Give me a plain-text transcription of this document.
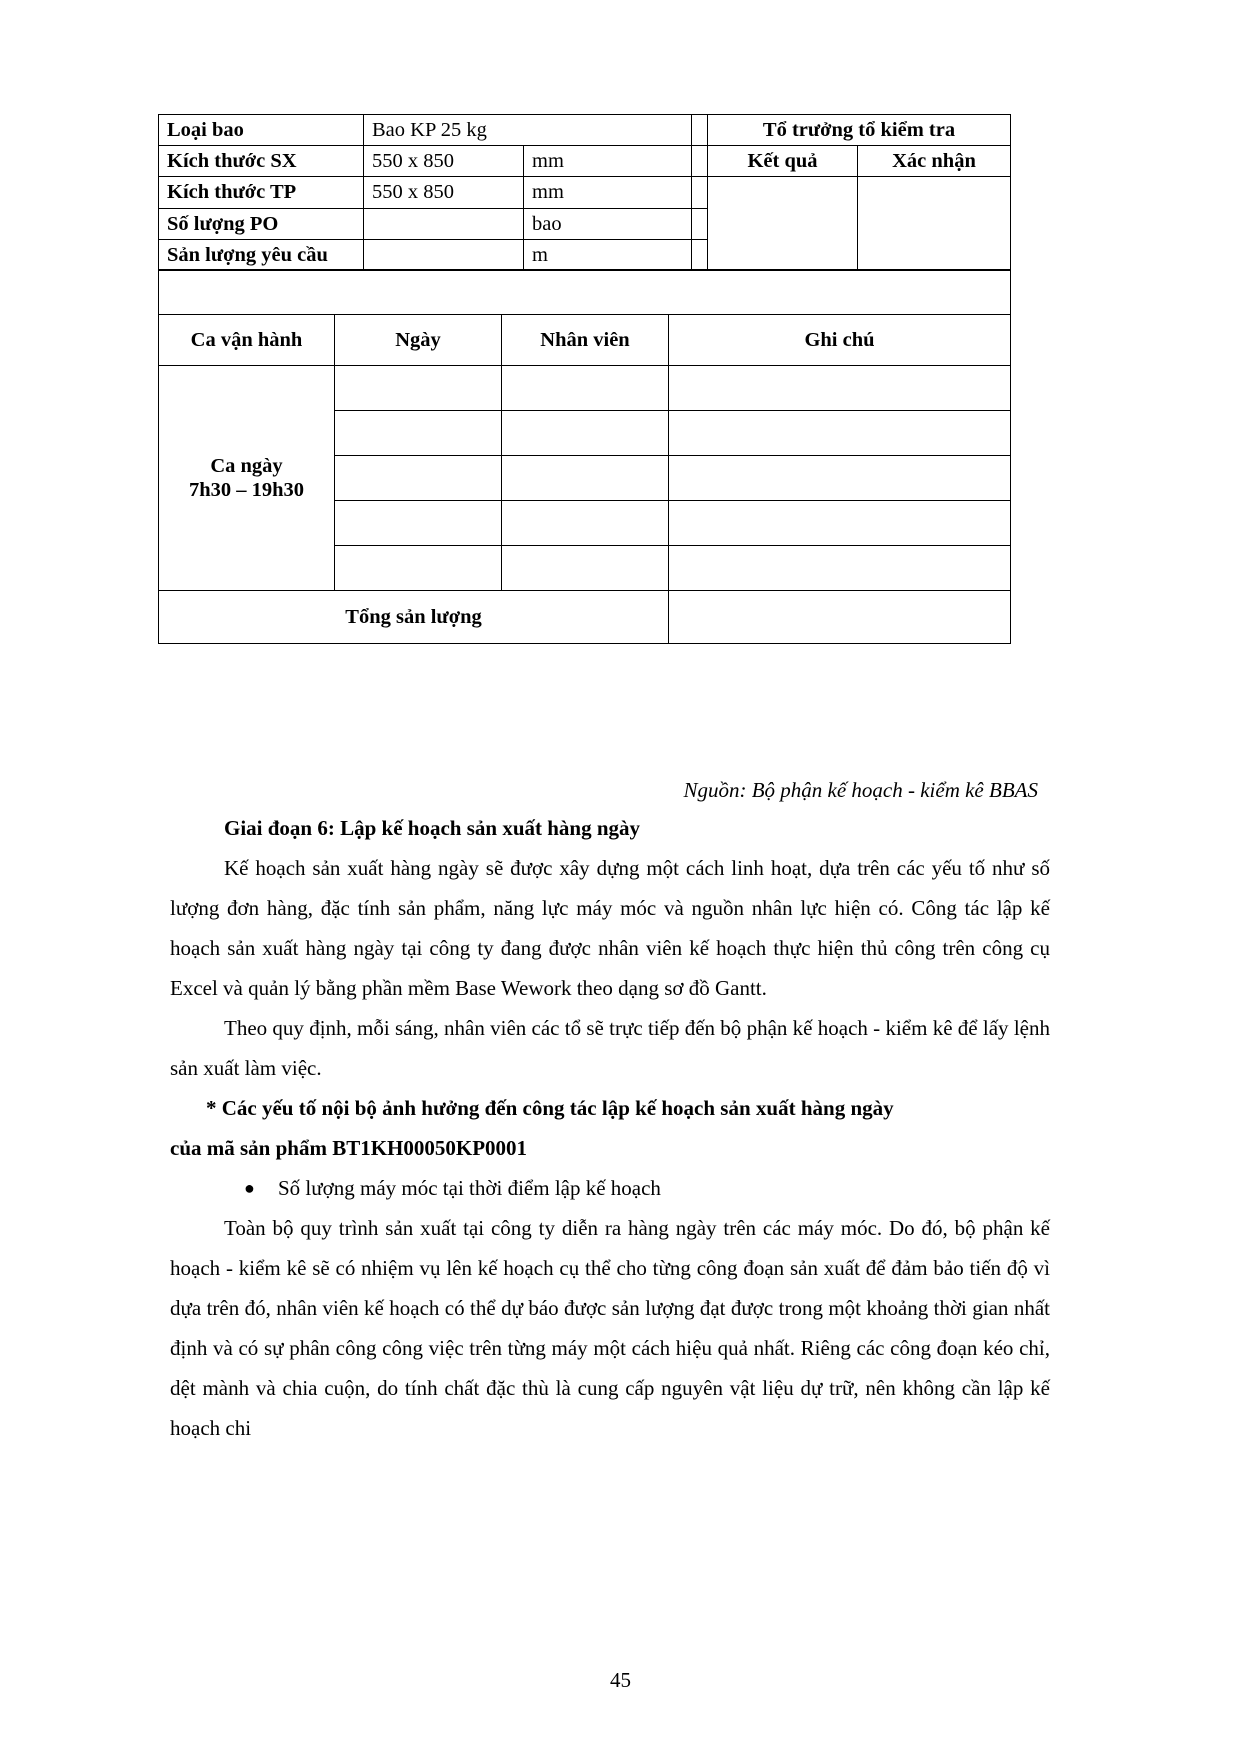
Loại bao	Bao KP 25 kg			Tổ trưởng tổ kiểm tra	
Kích thước SX	550 x 850	mm		Kết quả	Xác nhận
Kích thước TP	550 x 850	mm			
Số lượng PO		bao			
Sản lượng yêu cầu		m			
Ca vận hành	Ngày	Nhân viên	Ghi chú

Ca ngày
7h30 – 19h30			

Tổng sản lượng			
Nguồn: Bộ phận kế hoạch - kiểm kê BBAS

Giai đoạn 6: Lập kế hoạch sản xuất hàng ngày

Kế hoạch sản xuất hàng ngày sẽ được xây dựng một cách linh hoạt, dựa trên các yếu tố như số lượng đơn hàng, đặc tính sản phẩm, năng lực máy móc và nguồn nhân lực hiện có. Công tác lập kế hoạch sản xuất hàng ngày tại công ty đang được nhân viên kế hoạch thực hiện thủ công trên công cụ Excel và quản lý bằng phần mềm Base Wework theo dạng sơ đồ Gantt.

Theo quy định, mỗi sáng, nhân viên các tổ sẽ trực tiếp đến bộ phận kế hoạch - kiểm kê để lấy lệnh sản xuất làm việc.

* Các yếu tố nội bộ ảnh hưởng đến công tác lập kế hoạch sản xuất hàng ngày

của mã sản phẩm BT1KH00050KP0001

● Số lượng máy móc tại thời điểm lập kế hoạch

Toàn bộ quy trình sản xuất tại công ty diễn ra hàng ngày trên các máy móc. Do đó, bộ phận kế hoạch - kiểm kê sẽ có nhiệm vụ lên kế hoạch cụ thể cho từng công đoạn sản xuất để đảm bảo tiến độ vì dựa trên đó, nhân viên kế hoạch có thể dự báo được sản lượng đạt được trong một khoảng thời gian nhất định và có sự phân công công việc trên từng máy một cách hiệu quả nhất. Riêng các công đoạn kéo chỉ, dệt mành và chia cuộn, do tính chất đặc thù là cung cấp nguyên vật liệu dự trữ, nên không cần lập kế hoạch chi

45
